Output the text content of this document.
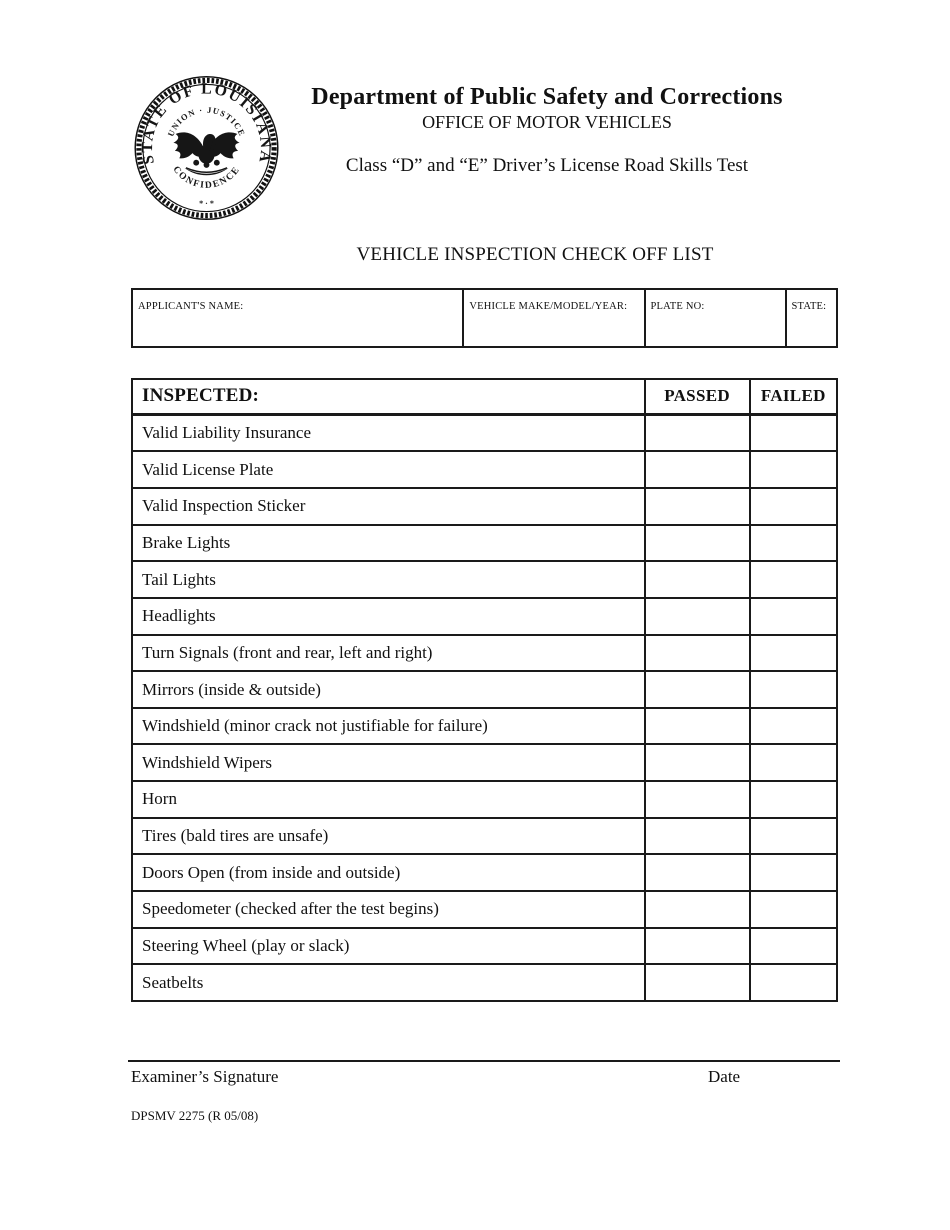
STATE OF LOUISIANA
UNION · JUSTICE
CONFIDENCE
* · *
Department of Public Safety and Corrections
OFFICE OF MOTOR VEHICLES
Class “D” and “E” Driver’s License Road Skills Test
VEHICLE INSPECTION CHECK OFF LIST
APPLICANT'S NAME:	VEHICLE MAKE/MODEL/YEAR:	PLATE NO:	STATE:
INSPECTED:	PASSED	FAILED
Valid Liability Insurance		
Valid License Plate		
Valid Inspection Sticker		
Brake Lights		
Tail Lights		
Headlights		
Turn Signals (front and rear, left and right)		
Mirrors (inside & outside)		
Windshield (minor crack not justifiable for failure)		
Windshield Wipers		
Horn		
Tires (bald tires are unsafe)		
Doors Open (from inside and outside)		
Speedometer (checked after the test begins)		
Steering Wheel (play or slack)		
Seatbelts		
Examiner’s Signature	Date
DPSMV 2275 (R 05/08)
